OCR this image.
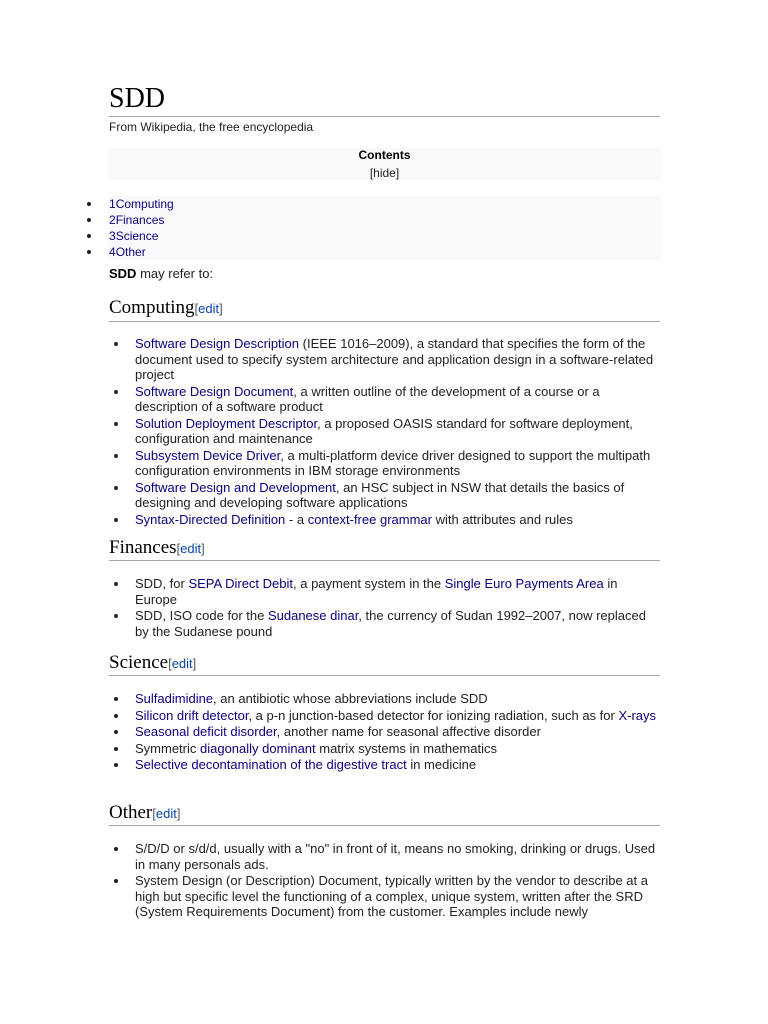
SDD
From Wikipedia, the free encyclopedia
Contents
[hide]
1Computing
2Finances
3Science
4Other
SDD may refer to:
Computing[edit]
Software Design Description (IEEE 1016–2009), a standard that specifies the form of the document used to specify system architecture and application design in a software-related project
Software Design Document, a written outline of the development of a course or a description of a software product
Solution Deployment Descriptor, a proposed OASIS standard for software deployment, configuration and maintenance
Subsystem Device Driver, a multi-platform device driver designed to support the multipath configuration environments in IBM storage environments
Software Design and Development, an HSC subject in NSW that details the basics of designing and developing software applications
Syntax-Directed Definition - a context-free grammar with attributes and rules
Finances[edit]
SDD, for SEPA Direct Debit, a payment system in the Single Euro Payments Area in Europe
SDD, ISO code for the Sudanese dinar, the currency of Sudan 1992–2007, now replaced by the Sudanese pound
Science[edit]
Sulfadimidine, an antibiotic whose abbreviations include SDD
Silicon drift detector, a p-n junction-based detector for ionizing radiation, such as for X-rays
Seasonal deficit disorder, another name for seasonal affective disorder
Symmetric diagonally dominant matrix systems in mathematics
Selective decontamination of the digestive tract in medicine
Other[edit]
S/D/D or s/d/d, usually with a "no" in front of it, means no smoking, drinking or drugs. Used in many personals ads.
System Design (or Description) Document, typically written by the vendor to describe at a high but specific level the functioning of a complex, unique system, written after the SRD (System Requirements Document) from the customer. Examples include newly
